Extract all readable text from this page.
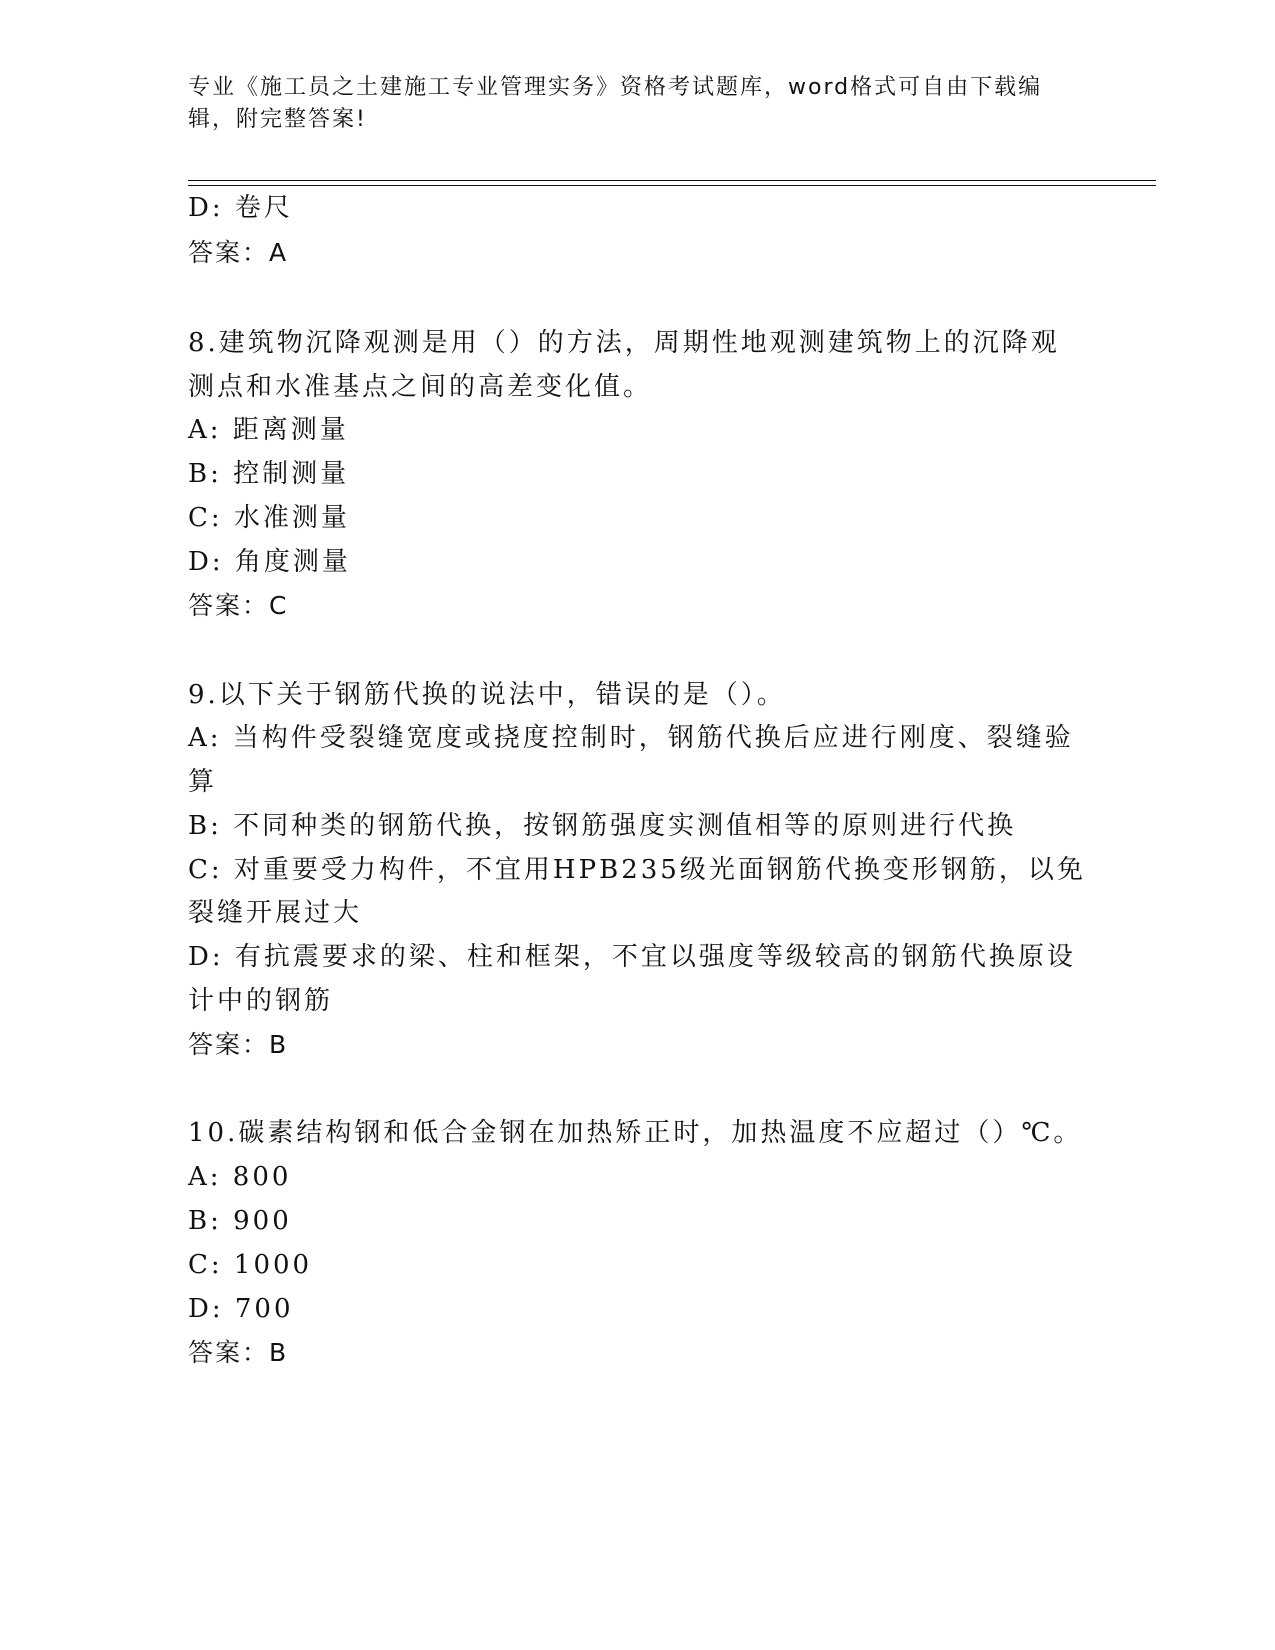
专业《施工员之土建施工专业管理实务》资格考试题库，word格式可自由下载编
辑，附完整答案!
D: 卷尺
答案：A
8.建筑物沉降观测是用（）的方法，周期性地观测建筑物上的沉降观
测点和水准基点之间的高差变化值。
A: 距离测量
B: 控制测量
C: 水准测量
D: 角度测量
答案：C
9.以下关于钢筋代换的说法中，错误的是（）。
A: 当构件受裂缝宽度或挠度控制时，钢筋代换后应进行刚度、裂缝验
算
B: 不同种类的钢筋代换，按钢筋强度实测值相等的原则进行代换
C: 对重要受力构件，不宜用HPB235级光面钢筋代换变形钢筋，以免
裂缝开展过大
D: 有抗震要求的梁、柱和框架，不宜以强度等级较高的钢筋代换原设
计中的钢筋
答案：B
10.碳素结构钢和低合金钢在加热矫正时，加热温度不应超过（）℃。
A: 800
B: 900
C: 1000
D: 700
答案：B
